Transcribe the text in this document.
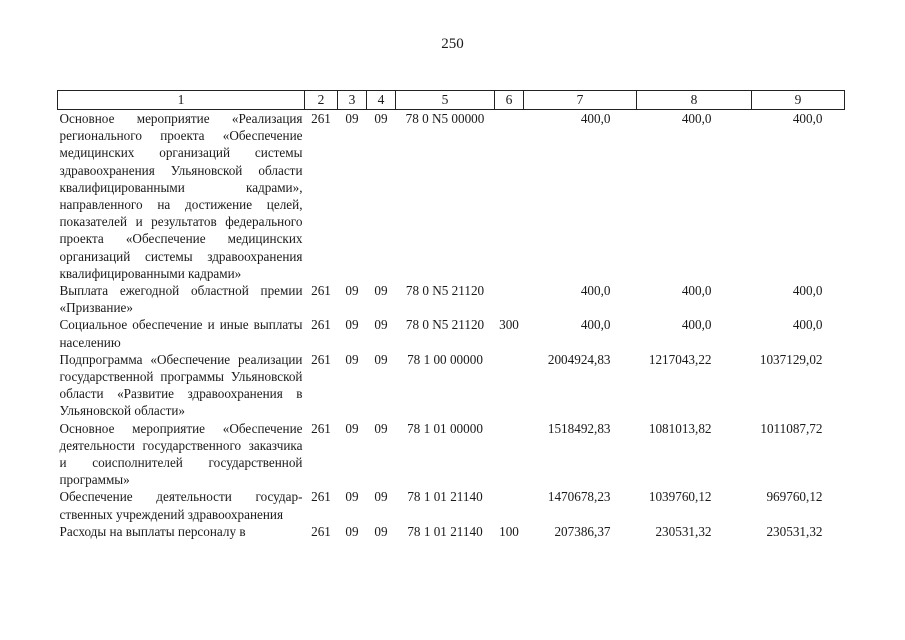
250
1	2	3	4	5	6	7	8	9
Основное мероприятие «Реализация регионального проекта «Обеспечение медицинских организаций системы здравоохранения Ульяновской области квалифицированными кадрами», направленного на достижение целей, показателей и результатов федерального проекта «Обеспечение медицинских организаций системы здравоохранения квалифицированными кадрами»	261	09	09	78 0 N5 00000		400,0	400,0	400,0
Выплата ежегодной областной премии «Призвание»	261	09	09	78 0 N5 21120		400,0	400,0	400,0
Социальное обеспечение и иные выплаты населению	261	09	09	78 0 N5 21120	300	400,0	400,0	400,0
Подпрограмма «Обеспечение реализации государственной программы Ульяновской области «Развитие здравоохранения в Ульяновской области»	261	09	09	78 1 00 00000		2004924,83	1217043,22	1037129,02
Основное мероприятие «Обеспечение деятельности государственного заказчика и соисполнителей государственной программы»	261	09	09	78 1 01 00000		1518492,83	1081013,82	1011087,72
Обеспечение деятельности государственных учреждений здравоохранения	261	09	09	78 1 01 21140		1470678,23	1039760,12	969760,12
Расходы на выплаты персоналу в	261	09	09	78 1 01 21140	100	207386,37	230531,32	230531,32
